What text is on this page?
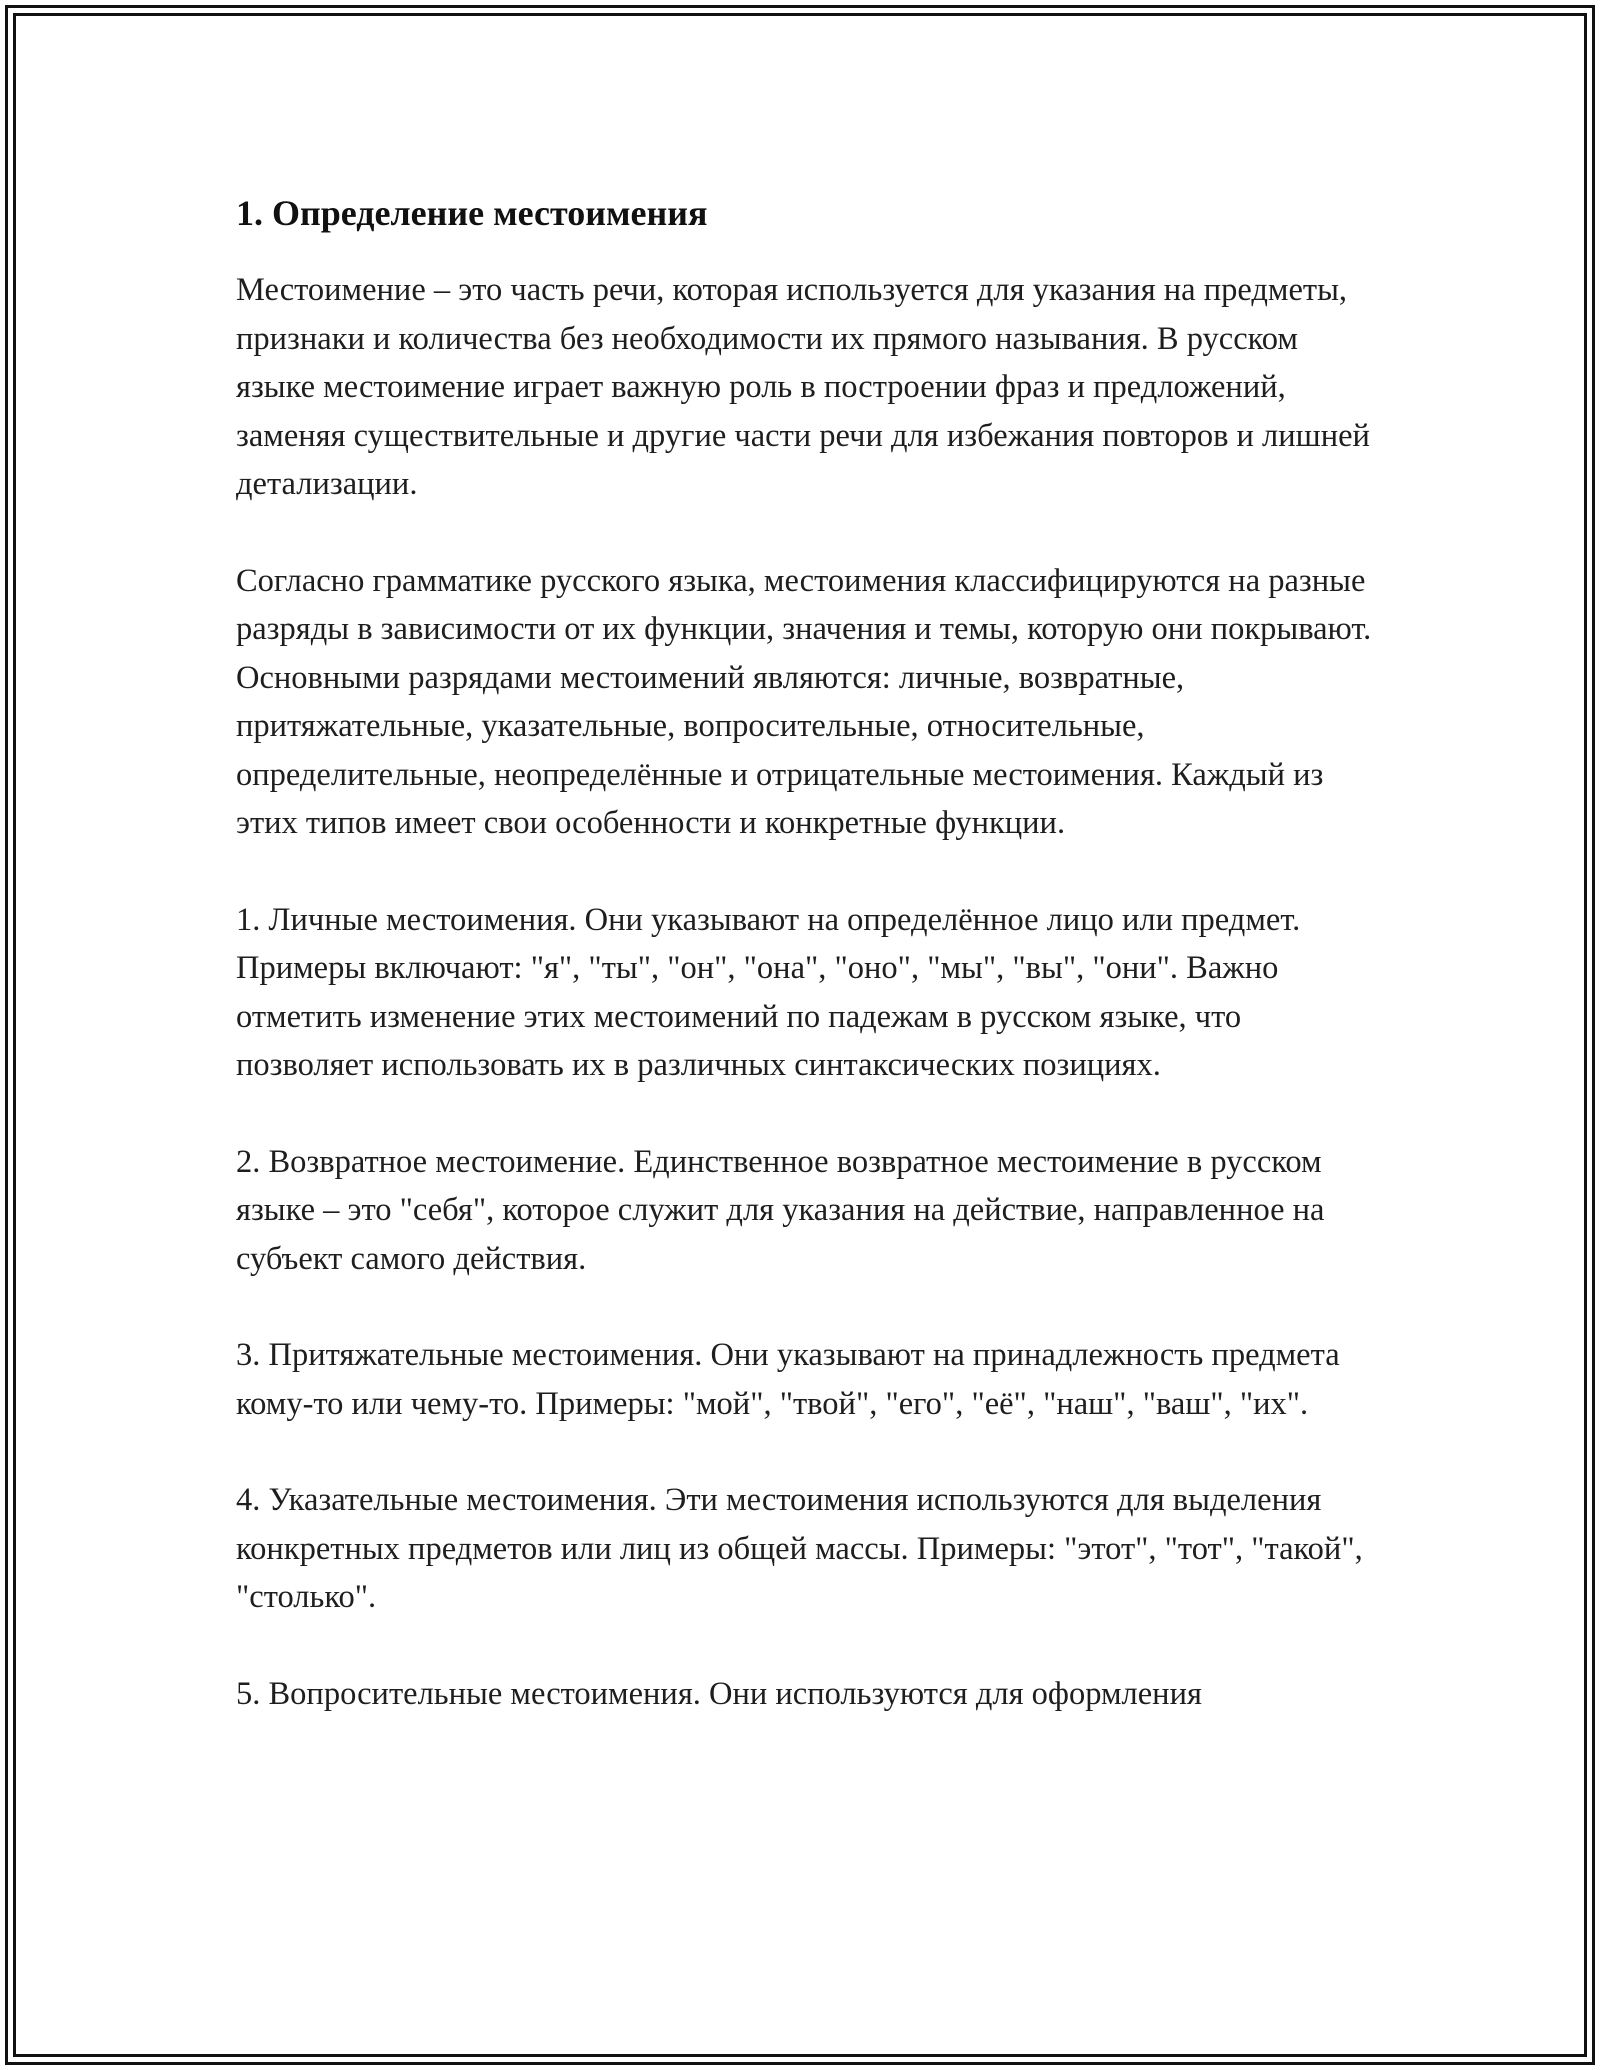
1. Определение местоимения

Местоимение – это часть речи, которая используется для указания на предметы, признаки и количества без необходимости их прямого называния. В русском языке местоимение играет важную роль в построении фраз и предложений, заменяя существительные и другие части речи для избежания повторов и лишней детализации.

Согласно грамматике русского языка, местоимения классифицируются на разные разряды в зависимости от их функции, значения и темы, которую они покрывают. Основными разрядами местоимений являются: личные, возвратные, притяжательные, указательные, вопросительные, относительные, определительные, неопределённые и отрицательные местоимения. Каждый из этих типов имеет свои особенности и конкретные функции.

1. Личные местоимения. Они указывают на определённое лицо или предмет. Примеры включают: "я", "ты", "он", "она", "оно", "мы", "вы", "они". Важно отметить изменение этих местоимений по падежам в русском языке, что позволяет использовать их в различных синтаксических позициях.

2. Возвратное местоимение. Единственное возвратное местоимение в русском языке – это "себя", которое служит для указания на действие, направленное на субъект самого действия.

3. Притяжательные местоимения. Они указывают на принадлежность предмета кому-то или чему-то. Примеры: "мой", "твой", "его", "её", "наш", "ваш", "их".

4. Указательные местоимения. Эти местоимения используются для выделения конкретных предметов или лиц из общей массы. Примеры: "этот", "тот", "такой", "столько".

5. Вопросительные местоимения. Они используются для оформления
